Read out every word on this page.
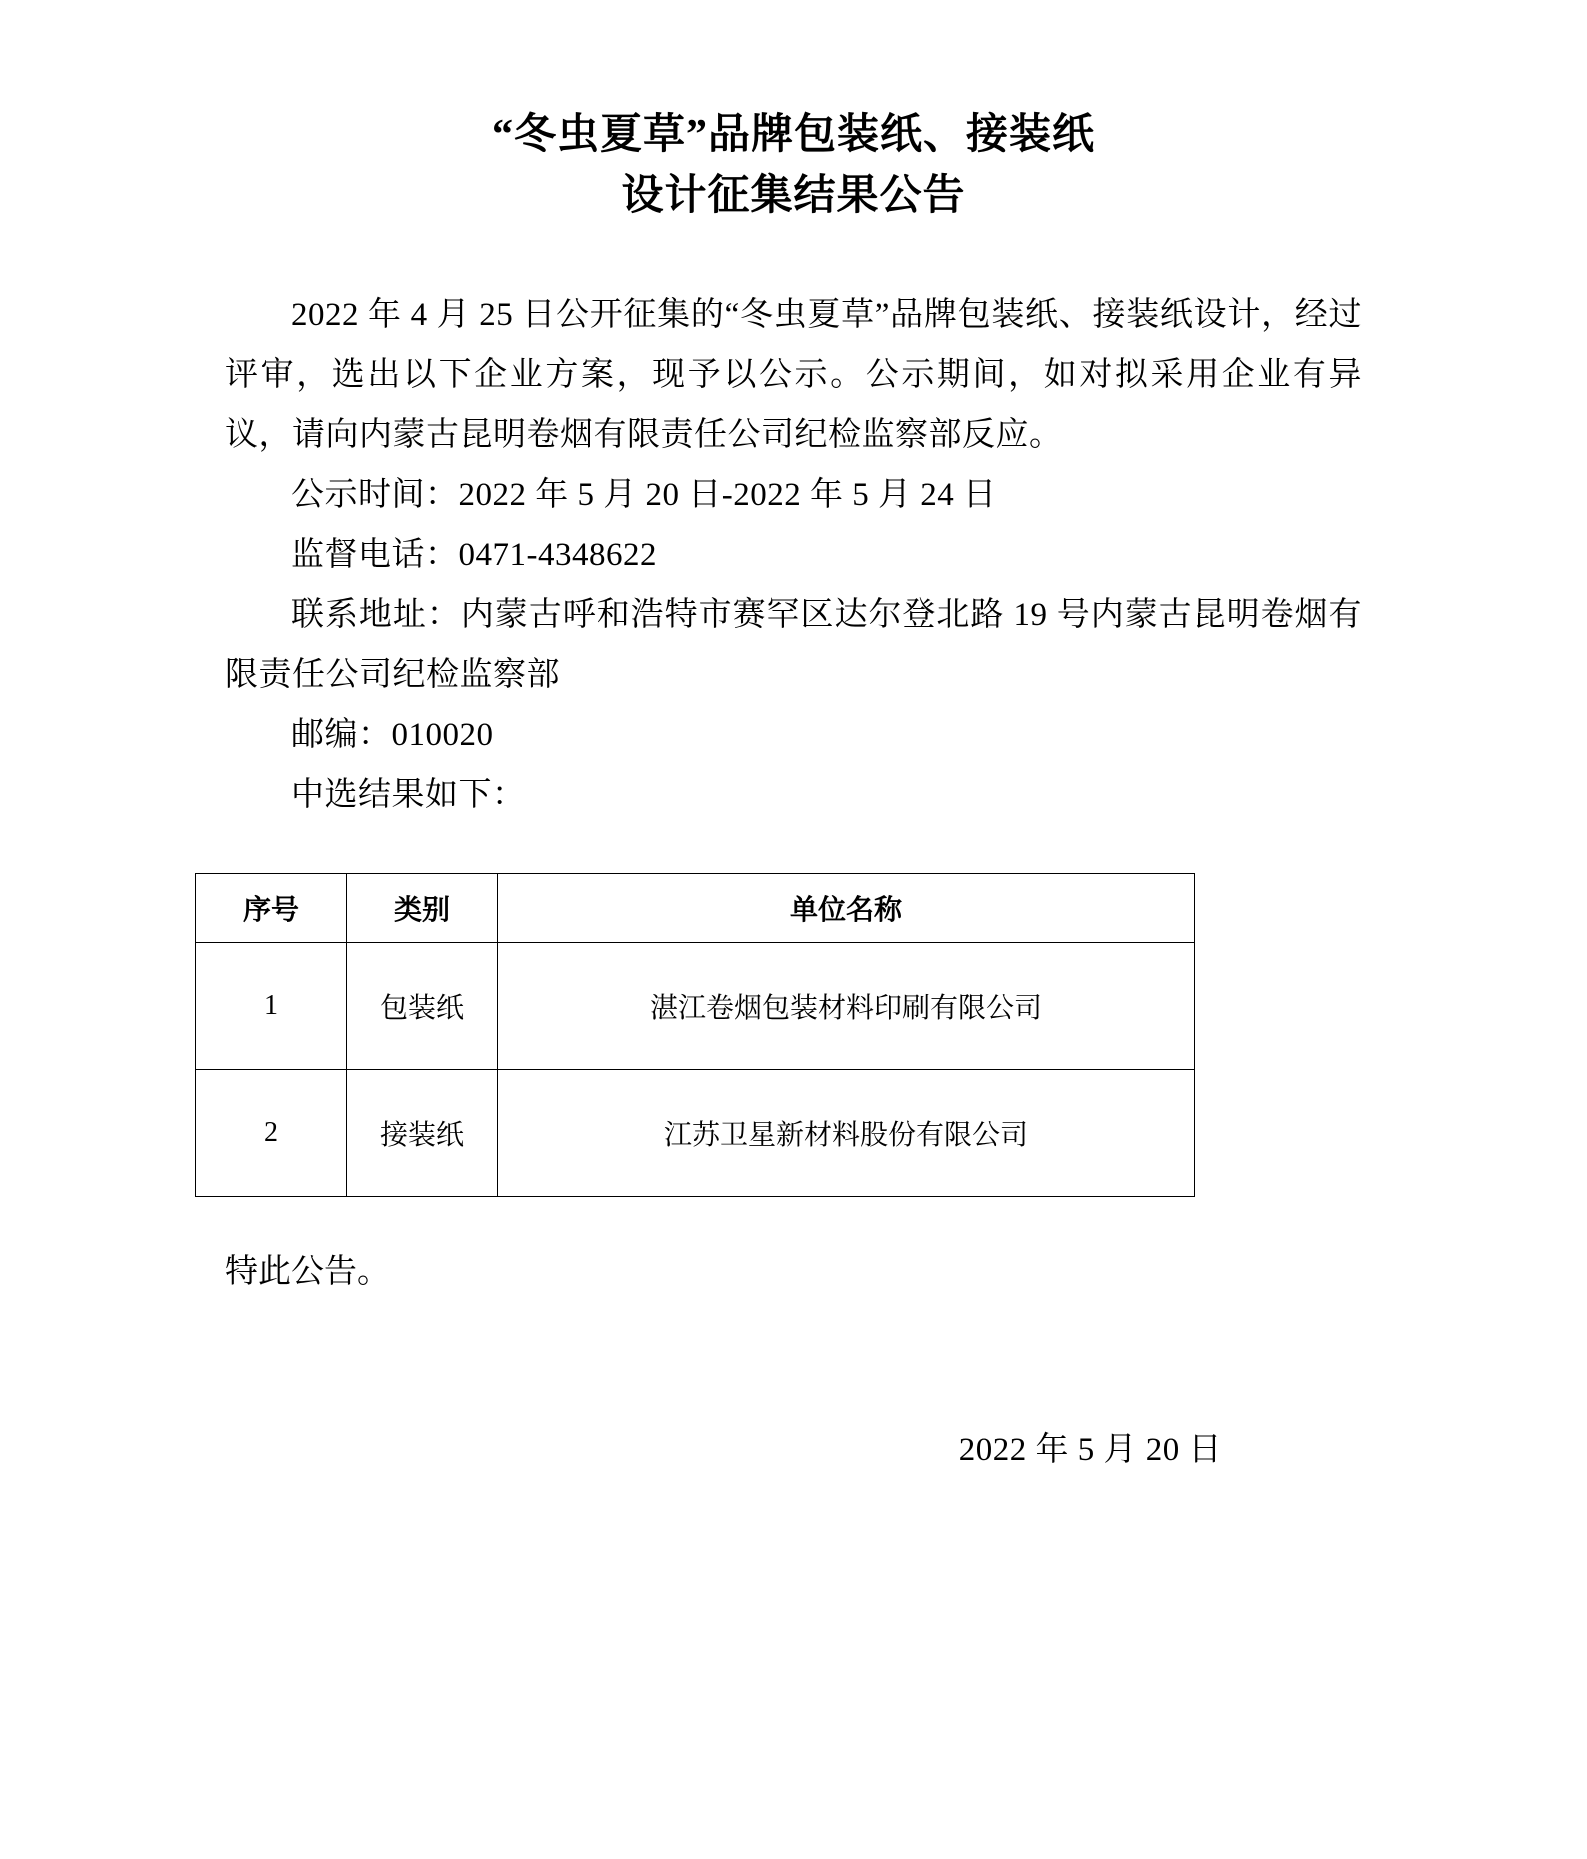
“冬虫夏草”品牌包装纸、接装纸
设计征集结果公告

2022 年 4 月 25 日公开征集的“冬虫夏草”品牌包装纸、接装纸设计，经过评审，选出以下企业方案，现予以公示。公示期间，如对拟采用企业有异议，请向内蒙古昆明卷烟有限责任公司纪检监察部反应。

公示时间：2022 年 5 月 20 日-2022 年 5 月 24 日

监督电话：0471-4348622

联系地址：内蒙古呼和浩特市赛罕区达尔登北路 19 号内蒙古昆明卷烟有限责任公司纪检监察部

邮编：010020

中选结果如下：

序号	类别	单位名称
1	包装纸	湛江卷烟包装材料印刷有限公司
2	接装纸	江苏卫星新材料股份有限公司

特此公告。

2022 年 5 月 20 日
